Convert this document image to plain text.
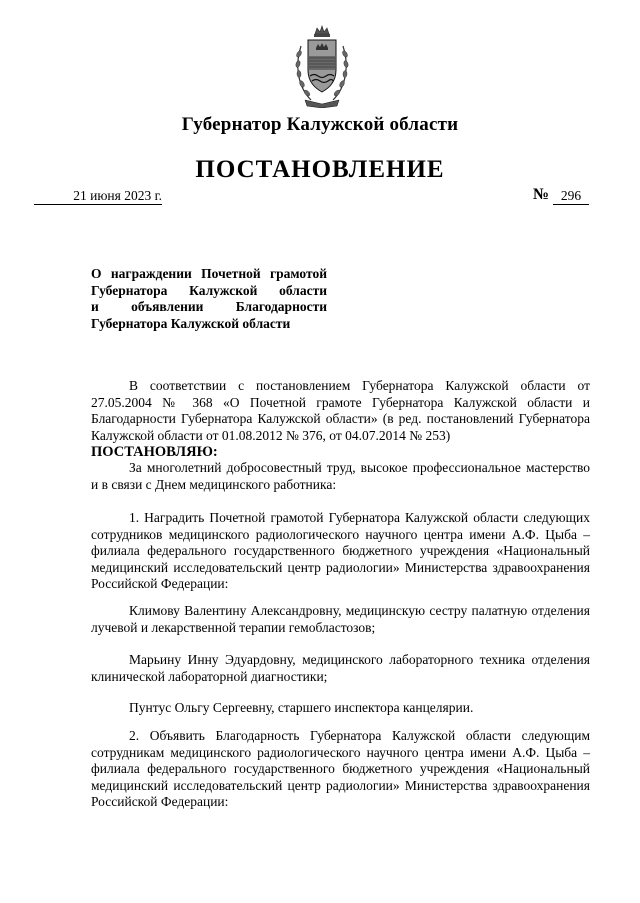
Губернатор Калужской области
ПОСТАНОВЛЕНИЕ
21 июня 2023 г.	№ 296
О награждении Почетной грамотой
Губернатора Калужской области
и объявлении Благодарности
Губернатора Калужской области

В соответствии с постановлением Губернатора Калужской области от 27.05.2004 № 368 «О Почетной грамоте Губернатора Калужской области и Благодарности Губернатора Калужской области» (в ред. постановлений Губернатора Калужской области от 01.08.2012 № 376, от 04.07.2014 № 253)

ПОСТАНОВЛЯЮ:

За многолетний добросовестный труд, высокое профессиональное мастерство и в связи с Днем медицинского работника:

1. Наградить Почетной грамотой Губернатора Калужской области следующих сотрудников медицинского радиологического научного центра имени А.Ф. Цыба – филиала федерального государственного бюджетного учреждения «Национальный медицинский исследовательский центр радиологии» Министерства здравоохранения Российской Федерации:

Климову Валентину Александровну, медицинскую сестру палатную отделения лучевой и лекарственной терапии гемобластозов;

Марьину Инну Эдуардовну, медицинского лабораторного техника отделения клинической лабораторной диагностики;

Пунтус Ольгу Сергеевну, старшего инспектора канцелярии.

2. Объявить Благодарность Губернатора Калужской области следующим сотрудникам медицинского радиологического научного центра имени А.Ф. Цыба – филиала федерального государственного бюджетного учреждения «Национальный медицинский исследовательский центр радиологии» Министерства здравоохранения Российской Федерации:
